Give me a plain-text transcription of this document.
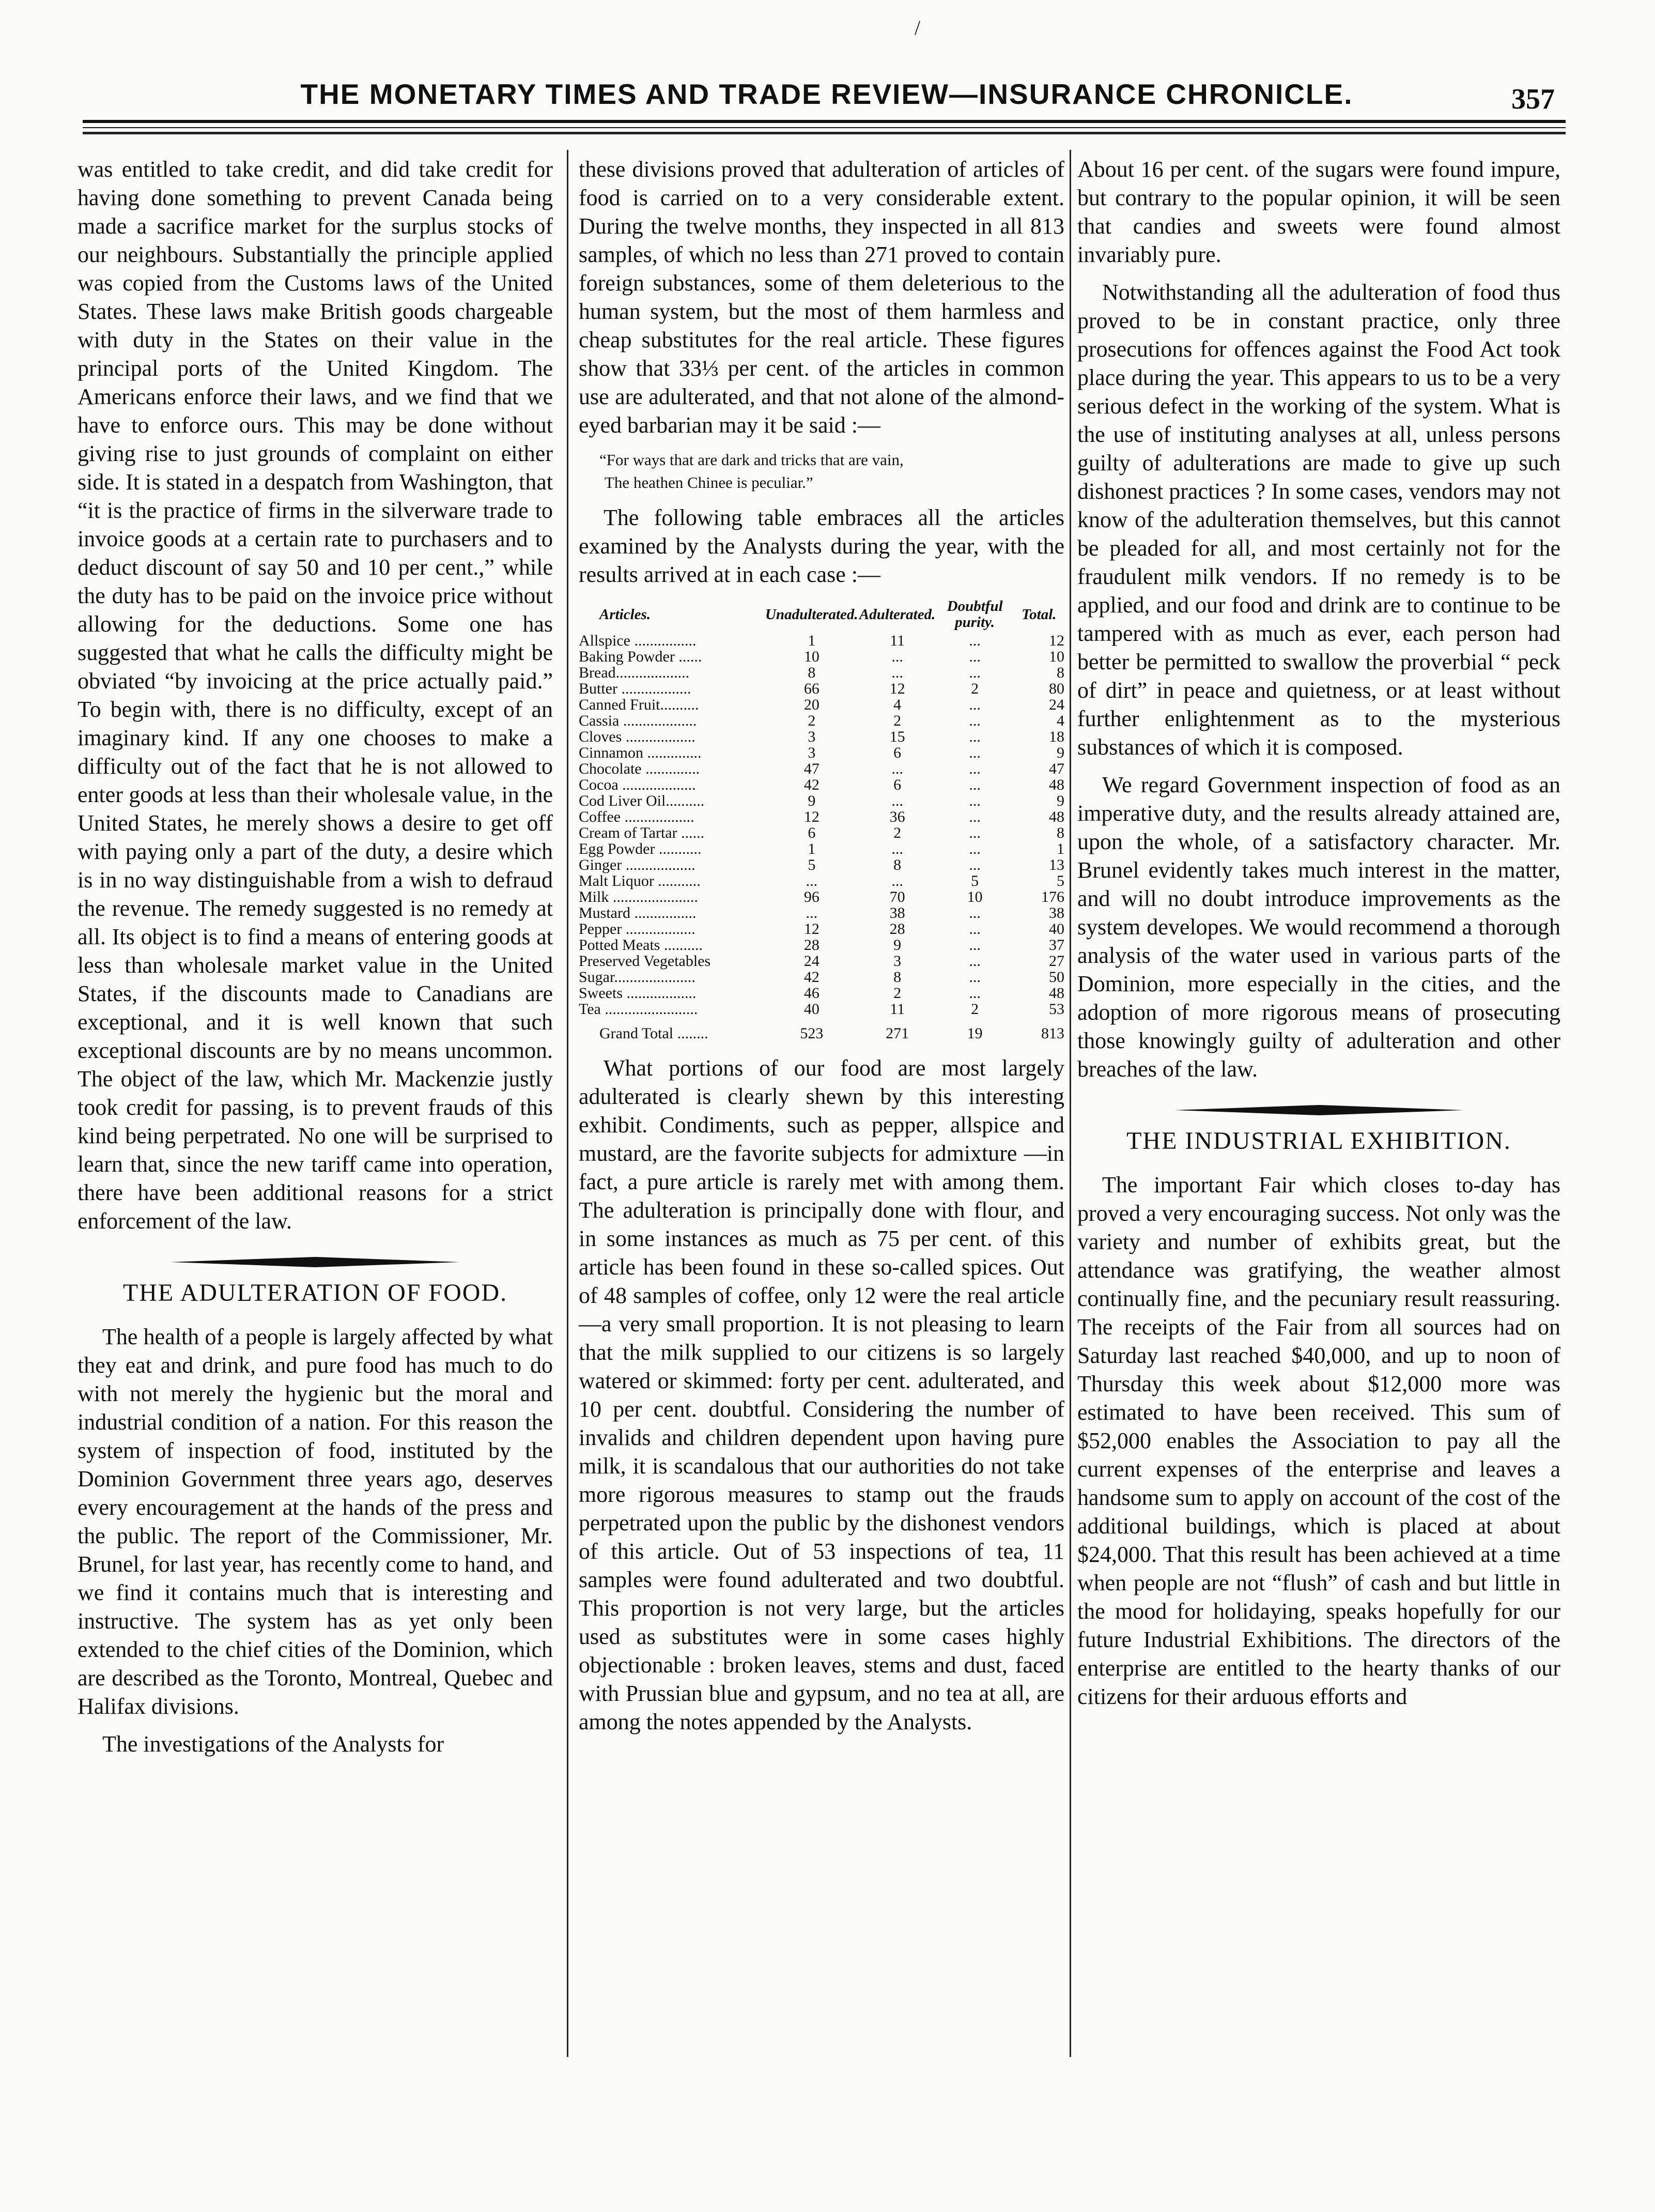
/
THE MONETARY TIMES AND TRADE REVIEW—INSURANCE CHRONICLE.	357

was entitled to take credit, and did take credit for having done something to prevent Canada being made a sacrifice market for the surplus stocks of our neighbours. Substantially the principle applied was copied from the Customs laws of the United States. These laws make British goods chargeable with duty in the States on their value in the principal ports of the United Kingdom. The Americans enforce their laws, and we find that we have to enforce ours. This may be done without giving rise to just grounds of complaint on either side. It is stated in a despatch from Washington, that “it is the practice of firms in the silverware trade to invoice goods at a certain rate to purchasers and to deduct discount of say 50 and 10 per cent.,” while the duty has to be paid on the invoice price without allowing for the deductions. Some one has suggested that what he calls the difficulty might be obviated “by invoicing at the price actually paid.” To begin with, there is no difficulty, except of an imaginary kind. If any one chooses to make a difficulty out of the fact that he is not allowed to enter goods at less than their wholesale value, in the United States, he merely shows a desire to get off with paying only a part of the duty, a desire which is in no way distinguishable from a wish to defraud the revenue. The remedy suggested is no remedy at all. Its object is to find a means of entering goods at less than wholesale market value in the United States, if the discounts made to Canadians are exceptional, and it is well known that such exceptional discounts are by no means uncommon. The object of the law, which Mr. Mackenzie justly took credit for passing, is to prevent frauds of this kind being perpetrated. No one will be surprised to learn that, since the new tariff came into operation, there have been additional reasons for a strict enforcement of the law.

THE ADULTERATION OF FOOD.

The health of a people is largely affected by what they eat and drink, and pure food has much to do with not merely the hygienic but the moral and industrial condition of a nation. For this reason the system of inspection of food, instituted by the Dominion Government three years ago, deserves every encouragement at the hands of the press and the public. The report of the Commissioner, Mr. Brunel, for last year, has recently come to hand, and we find it contains much that is interesting and instructive. The system has as yet only been extended to the chief cities of the Dominion, which are described as the Toronto, Montreal, Quebec and Halifax divisions.

The investigations of the Analysts for

these divisions proved that adulteration of articles of food is carried on to a very considerable extent. During the twelve months, they inspected in all 813 samples, of which no less than 271 proved to contain foreign substances, some of them deleterious to the human system, but the most of them harmless and cheap substitutes for the real article. These figures show that 33⅓ per cent. of the articles in common use are adulterated, and that not alone of the almond-eyed barbarian may it be said :—

“For ways that are dark and tricks that are vain,
The heathen Chinee is peculiar.”

The following table embraces all the articles examined by the Analysts during the year, with the results arrived at in each case :—

Articles.	Unadulterated.	Adulterated.	Doubtful purity.	Total.
Allspice ................	1	11	...	12
Baking Powder ......	10	...	...	10
Bread...................	8	...	...	8
Butter ..................	66	12	2	80
Canned Fruit..........	20	4	...	24
Cassia ...................	2	2	...	4
Cloves ..................	3	15	...	18
Cinnamon ..............	3	6	...	9
Chocolate ..............	47	...	...	47
Cocoa ...................	42	6	...	48
Cod Liver Oil..........	9	...	...	9
Coffee ..................	12	36	...	48
Cream of Tartar ......	6	2	...	8
Egg Powder ...........	1	...	...	1
Ginger ..................	5	8	...	13
Malt Liquor ...........	...	...	5	5
Milk ......................	96	70	10	176
Mustard ................	...	38	...	38
Pepper ..................	12	28	...	40
Potted Meats ..........	28	9	...	37
Preserved Vegetables	24	3	...	27
Sugar.....................	42	8	...	50
Sweets ..................	46	2	...	48
Tea ........................	40	11	2	53
Grand Total ........	523	271	19	813

What portions of our food are most largely adulterated is clearly shewn by this interesting exhibit. Condiments, such as pepper, allspice and mustard, are the favorite subjects for admixture —in fact, a pure article is rarely met with among them. The adulteration is principally done with flour, and in some instances as much as 75 per cent. of this article has been found in these so-called spices. Out of 48 samples of coffee, only 12 were the real article—a very small proportion. It is not pleasing to learn that the milk supplied to our citizens is so largely watered or skimmed: forty per cent. adulterated, and 10 per cent. doubtful. Considering the number of invalids and children dependent upon having pure milk, it is scandalous that our authorities do not take more rigorous measures to stamp out the frauds perpetrated upon the public by the dishonest vendors of this article. Out of 53 inspections of tea, 11 samples were found adulterated and two doubtful. This proportion is not very large, but the articles used as substitutes were in some cases highly objectionable : broken leaves, stems and dust, faced with Prussian blue and gypsum, and no tea at all, are among the notes appended by the Analysts.

About 16 per cent. of the sugars were found impure, but contrary to the popular opinion, it will be seen that candies and sweets were found almost invariably pure.

Notwithstanding all the adulteration of food thus proved to be in constant practice, only three prosecutions for offences against the Food Act took place during the year. This appears to us to be a very serious defect in the working of the system. What is the use of instituting analyses at all, unless persons guilty of adulterations are made to give up such dishonest practices ? In some cases, vendors may not know of the adulteration themselves, but this cannot be pleaded for all, and most certainly not for the fraudulent milk vendors. If no remedy is to be applied, and our food and drink are to continue to be tampered with as much as ever, each person had better be permitted to swallow the proverbial “ peck of dirt” in peace and quietness, or at least without further enlightenment as to the mysterious substances of which it is composed.

We regard Government inspection of food as an imperative duty, and the results already attained are, upon the whole, of a satisfactory character. Mr. Brunel evidently takes much interest in the matter, and will no doubt introduce improvements as the system developes. We would recommend a thorough analysis of the water used in various parts of the Dominion, more especially in the cities, and the adoption of more rigorous means of prosecuting those knowingly guilty of adulteration and other breaches of the law.

THE INDUSTRIAL EXHIBITION.

The important Fair which closes to-day has proved a very encouraging success. Not only was the variety and number of exhibits great, but the attendance was gratifying, the weather almost continually fine, and the pecuniary result reassuring. The receipts of the Fair from all sources had on Saturday last reached $40,000, and up to noon of Thursday this week about $12,000 more was estimated to have been received. This sum of $52,000 enables the Association to pay all the current expenses of the enterprise and leaves a handsome sum to apply on account of the cost of the additional buildings, which is placed at about $24,000. That this result has been achieved at a time when people are not “flush” of cash and but little in the mood for holidaying, speaks hopefully for our future Industrial Exhibitions. The directors of the enterprise are entitled to the hearty thanks of our citizens for their arduous efforts and
